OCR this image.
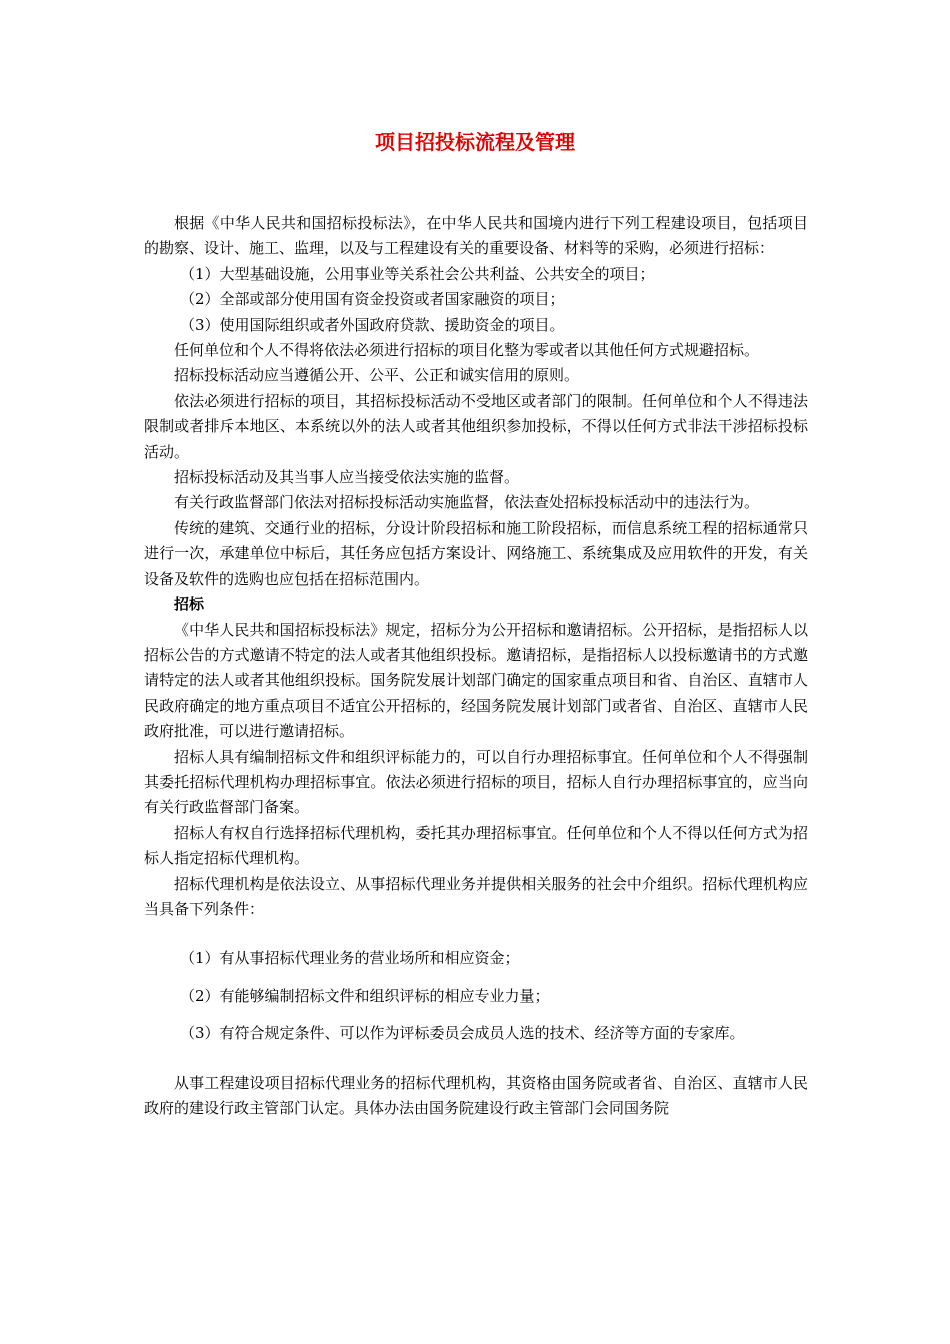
项目招投标流程及管理

根据《中华人民共和国招标投标法》，在中华人民共和国境内进行下列工程建设项目，包括项目的勘察、设计、施工、监理，以及与工程建设有关的重要设备、材料等的采购，必须进行招标：

（1）大型基础设施，公用事业等关系社会公共利益、公共安全的项目；

（2）全部或部分使用国有资金投资或者国家融资的项目；

（3）使用国际组织或者外国政府贷款、援助资金的项目。

任何单位和个人不得将依法必须进行招标的项目化整为零或者以其他任何方式规避招标。

招标投标活动应当遵循公开、公平、公正和诚实信用的原则。

依法必须进行招标的项目，其招标投标活动不受地区或者部门的限制。任何单位和个人不得违法限制或者排斥本地区、本系统以外的法人或者其他组织参加投标，不得以任何方式非法干涉招标投标活动。

招标投标活动及其当事人应当接受依法实施的监督。

有关行政监督部门依法对招标投标活动实施监督，依法查处招标投标活动中的违法行为。

传统的建筑、交通行业的招标，分设计阶段招标和施工阶段招标，而信息系统工程的招标通常只进行一次，承建单位中标后，其任务应包括方案设计、网络施工、系统集成及应用软件的开发，有关设备及软件的选购也应包括在招标范围内。

招标

《中华人民共和国招标投标法》规定，招标分为公开招标和邀请招标。公开招标，是指招标人以招标公告的方式邀请不特定的法人或者其他组织投标。邀请招标，是指招标人以投标邀请书的方式邀请特定的法人或者其他组织投标。国务院发展计划部门确定的国家重点项目和省、自治区、直辖市人民政府确定的地方重点项目不适宜公开招标的，经国务院发展计划部门或者省、自治区、直辖市人民政府批准，可以进行邀请招标。

招标人具有编制招标文件和组织评标能力的，可以自行办理招标事宜。任何单位和个人不得强制其委托招标代理机构办理招标事宜。依法必须进行招标的项目，招标人自行办理招标事宜的，应当向有关行政监督部门备案。

招标人有权自行选择招标代理机构，委托其办理招标事宜。任何单位和个人不得以任何方式为招标人指定招标代理机构。

招标代理机构是依法设立、从事招标代理业务并提供相关服务的社会中介组织。招标代理机构应当具备下列条件：

（1）有从事招标代理业务的营业场所和相应资金；

（2）有能够编制招标文件和组织评标的相应专业力量；

（3）有符合规定条件、可以作为评标委员会成员人选的技术、经济等方面的专家库。

从事工程建设项目招标代理业务的招标代理机构，其资格由国务院或者省、自治区、直辖市人民政府的建设行政主管部门认定。具体办法由国务院建设行政主管部门会同国务院
